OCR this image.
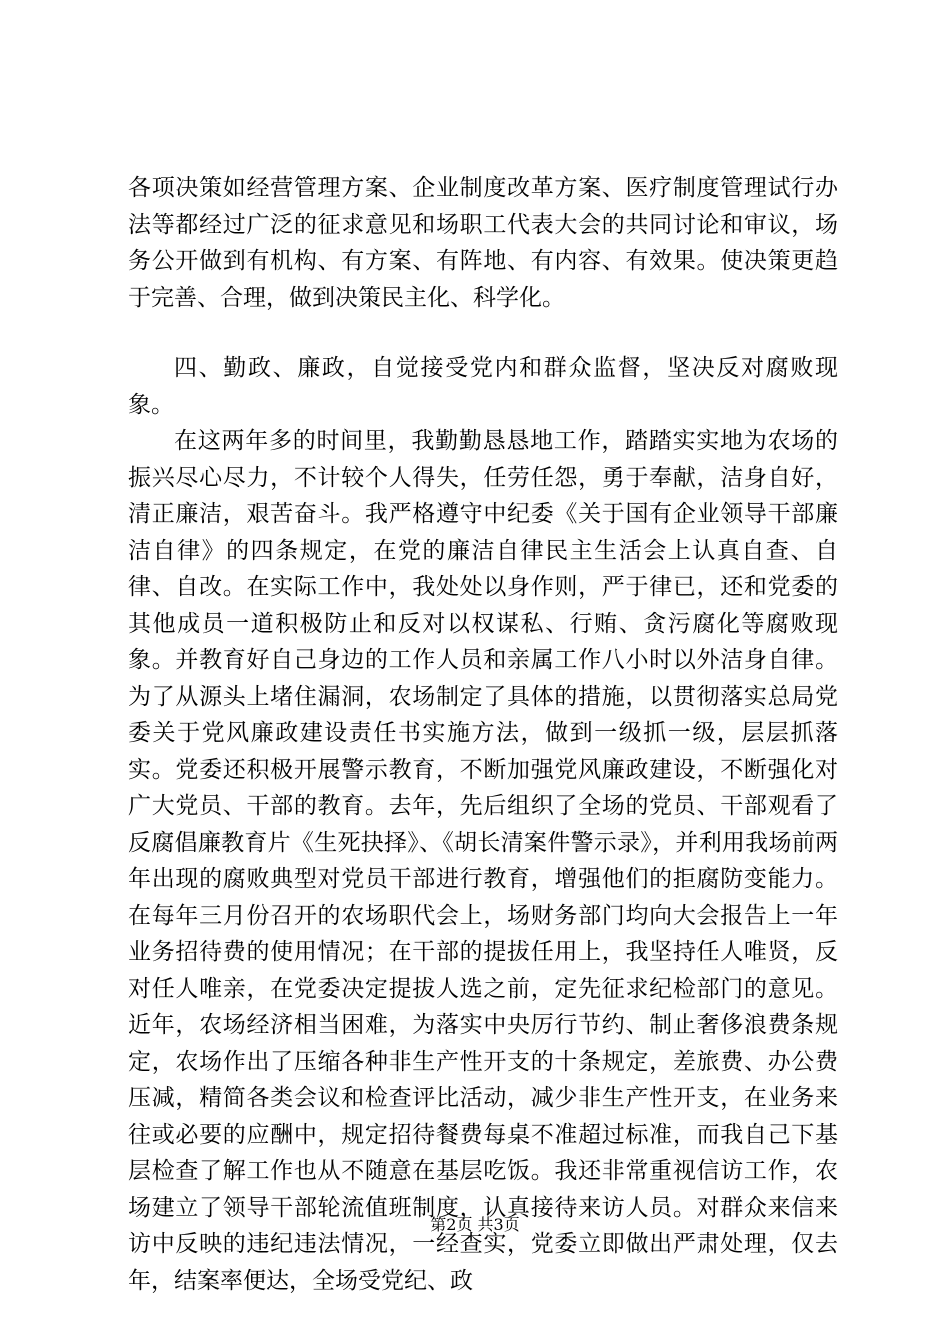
各项决策如经营管理方案、企业制度改革方案、医疗制度管理试行办法等都经过广泛的征求意见和场职工代表大会的共同讨论和审议，场务公开做到有机构、有方案、有阵地、有内容、有效果。使决策更趋于完善、合理，做到决策民主化、科学化。

四、勤政、廉政，自觉接受党内和群众监督，坚决反对腐败现象。

在这两年多的时间里，我勤勤恳恳地工作，踏踏实实地为农场的振兴尽心尽力，不计较个人得失，任劳任怨，勇于奉献，洁身自好，清正廉洁，艰苦奋斗。我严格遵守中纪委《关于国有企业领导干部廉洁自律》的四条规定，在党的廉洁自律民主生活会上认真自查、自律、自改。在实际工作中，我处处以身作则，严于律已，还和党委的其他成员一道积极防止和反对以权谋私、行贿、贪污腐化等腐败现象。并教育好自己身边的工作人员和亲属工作八小时以外洁身自律。为了从源头上堵住漏洞，农场制定了具体的措施，以贯彻落实总局党委关于党风廉政建设责任书实施方法，做到一级抓一级，层层抓落实。党委还积极开展警示教育，不断加强党风廉政建设，不断强化对广大党员、干部的教育。去年，先后组织了全场的党员、干部观看了反腐倡廉教育片《生死抉择》、《胡长清案件警示录》，并利用我场前两年出现的腐败典型对党员干部进行教育，增强他们的拒腐防变能力。在每年三月份召开的农场职代会上，场财务部门均向大会报告上一年业务招待费的使用情况；在干部的提拔任用上，我坚持任人唯贤，反对任人唯亲，在党委决定提拔人选之前，定先征求纪检部门的意见。近年，农场经济相当困难，为落实中央厉行节约、制止奢侈浪费条规定，农场作出了压缩各种非生产性开支的十条规定，差旅费、办公费压减，精简各类会议和检查评比活动，减少非生产性开支，在业务来往或必要的应酬中，规定招待餐费每桌不准超过标准，而我自己下基层检查了解工作也从不随意在基层吃饭。我还非常重视信访工作，农场建立了领导干部轮流值班制度，认真接待来访人员。对群众来信来访中反映的违纪违法情况，一经查实，党委立即做出严肃处理，仅去年，结案率便达，全场受党纪、政

第2页 共3页
